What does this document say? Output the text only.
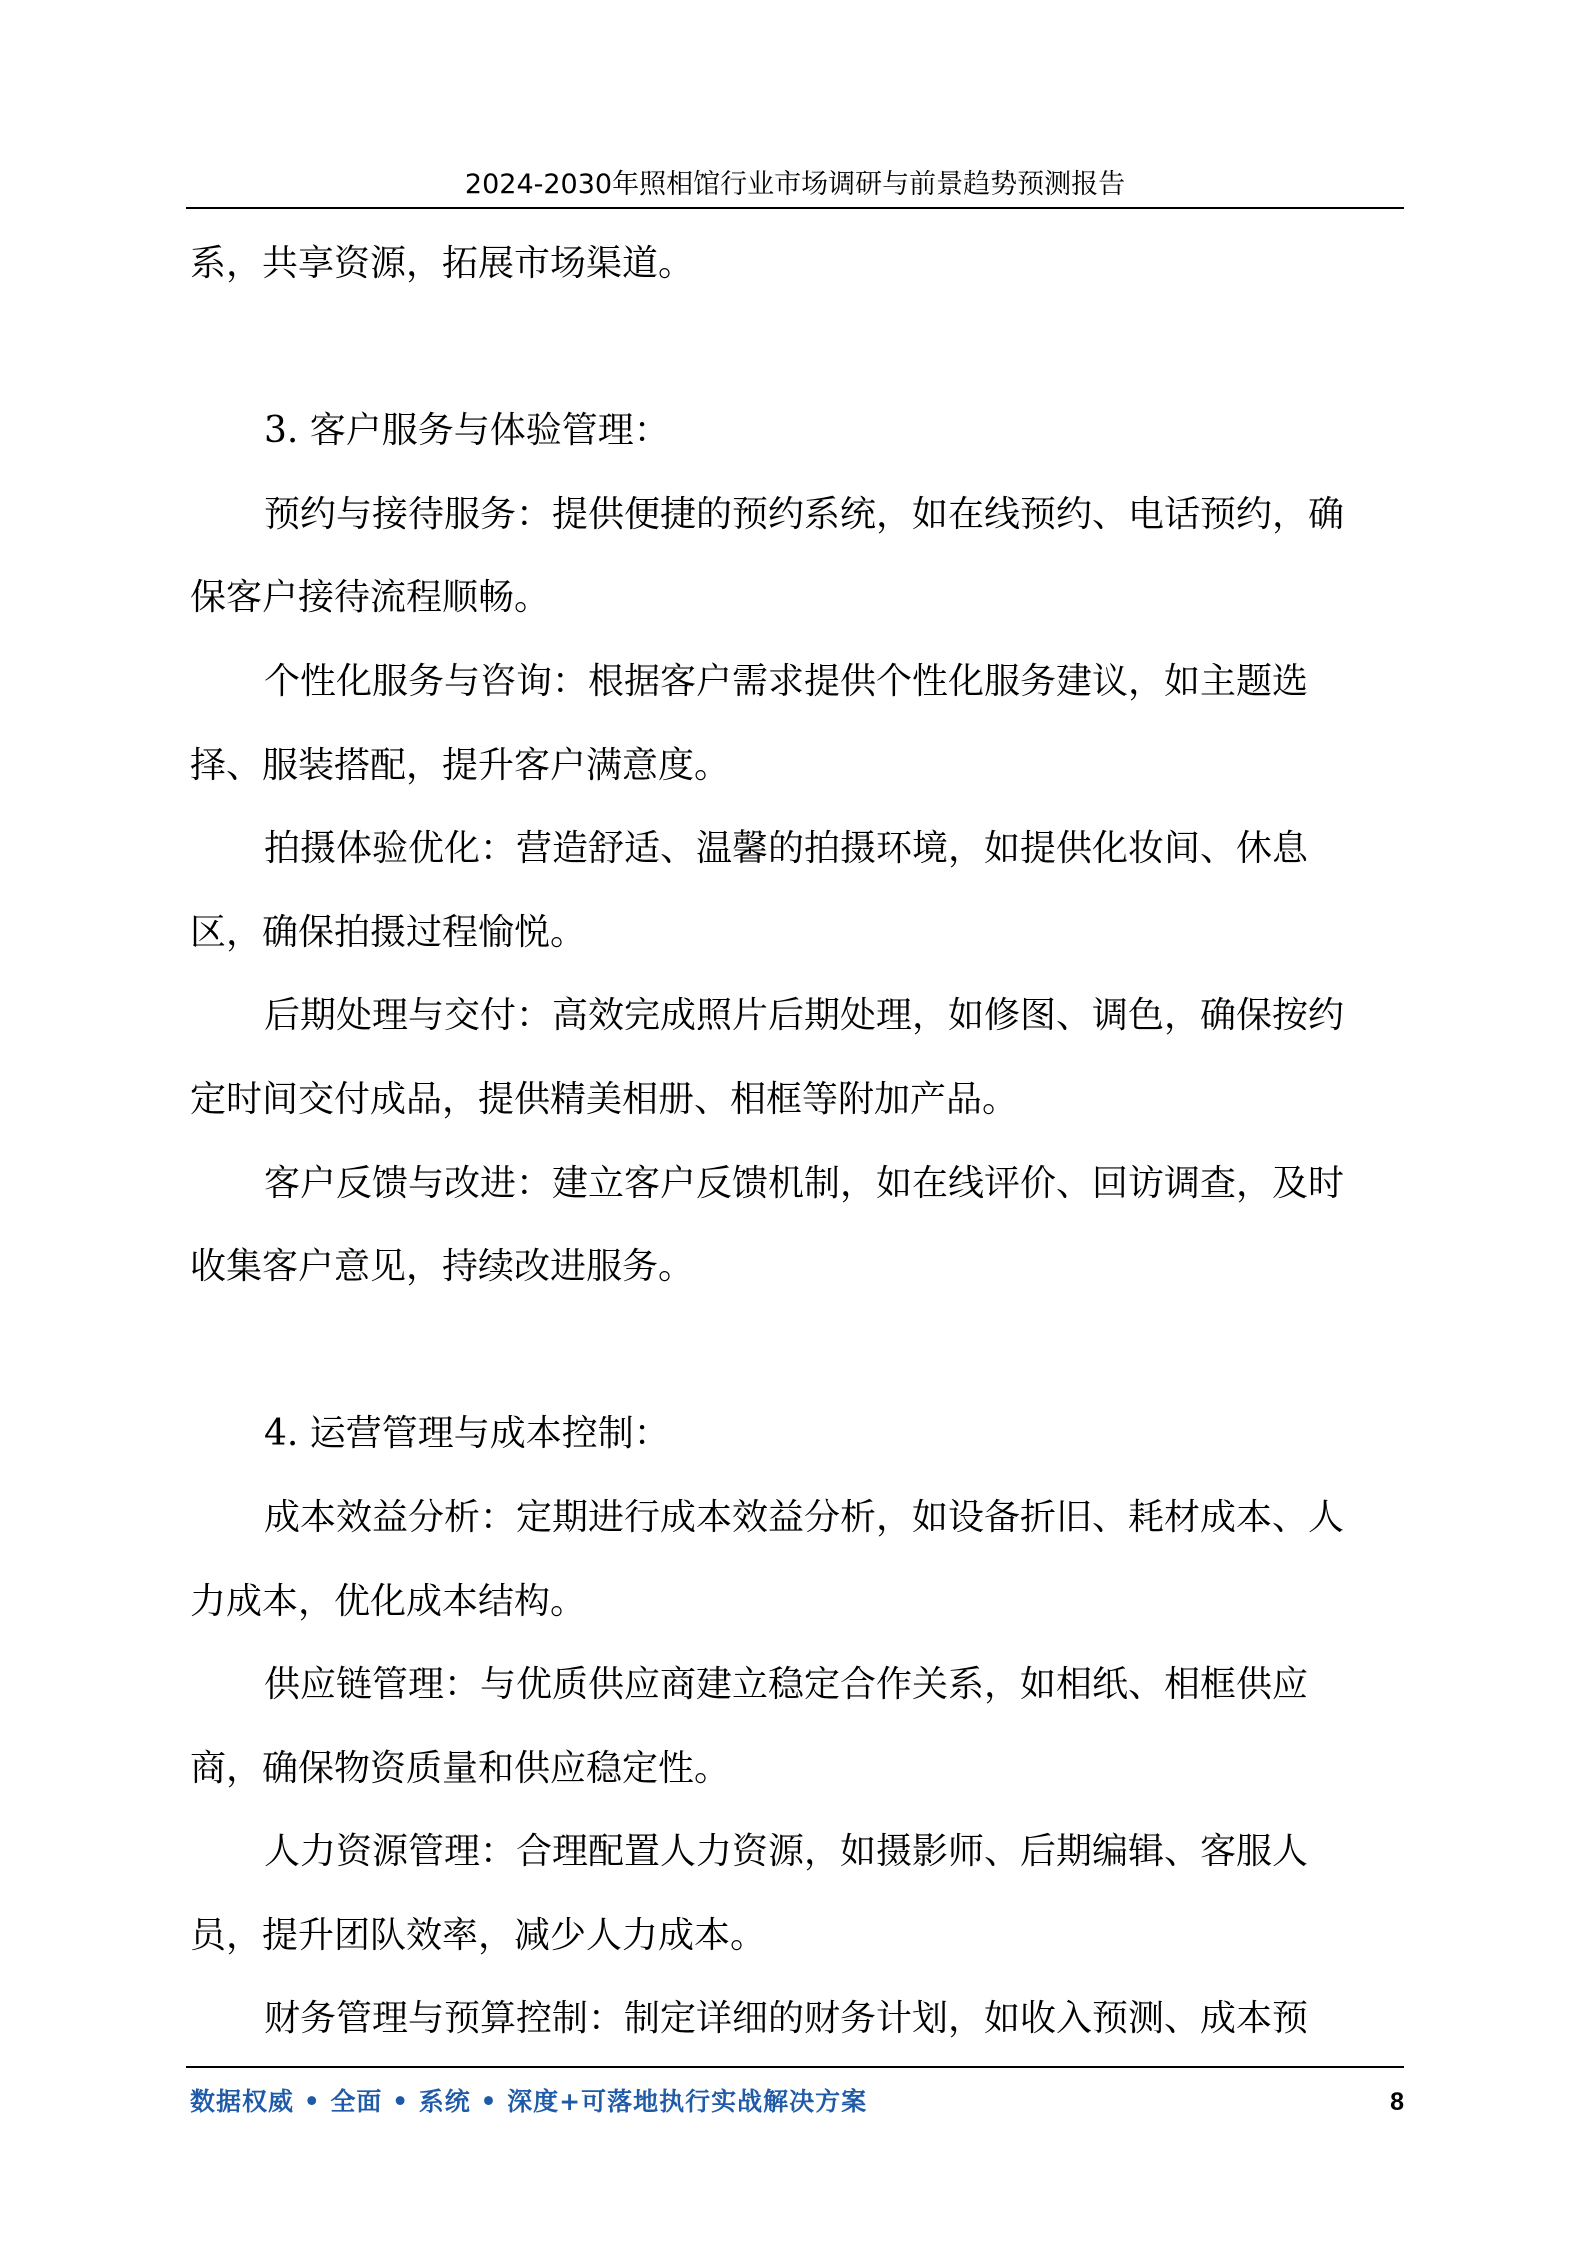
2024-2030年照相馆行业市场调研与前景趋势预测报告

系，共享资源，拓展市场渠道。

3. 客户服务与体验管理：

预约与接待服务：提供便捷的预约系统，如在线预约、电话预约，确
保客户接待流程顺畅。

个性化服务与咨询：根据客户需求提供个性化服务建议，如主题选
择、服装搭配，提升客户满意度。

拍摄体验优化：营造舒适、温馨的拍摄环境，如提供化妆间、休息
区，确保拍摄过程愉悦。

后期处理与交付：高效完成照片后期处理，如修图、调色，确保按约
定时间交付成品，提供精美相册、相框等附加产品。

客户反馈与改进：建立客户反馈机制，如在线评价、回访调查，及时
收集客户意见，持续改进服务。

4. 运营管理与成本控制：

成本效益分析：定期进行成本效益分析，如设备折旧、耗材成本、人
力成本，优化成本结构。

供应链管理：与优质供应商建立稳定合作关系，如相纸、相框供应
商，确保物资质量和供应稳定性。

人力资源管理：合理配置人力资源，如摄影师、后期编辑、客服人
员，提升团队效率，减少人力成本。

财务管理与预算控制：制定详细的财务计划，如收入预测、成本预

数据权威 • 全面 • 系统 • 深度+可落地执行实战解决方案	8
